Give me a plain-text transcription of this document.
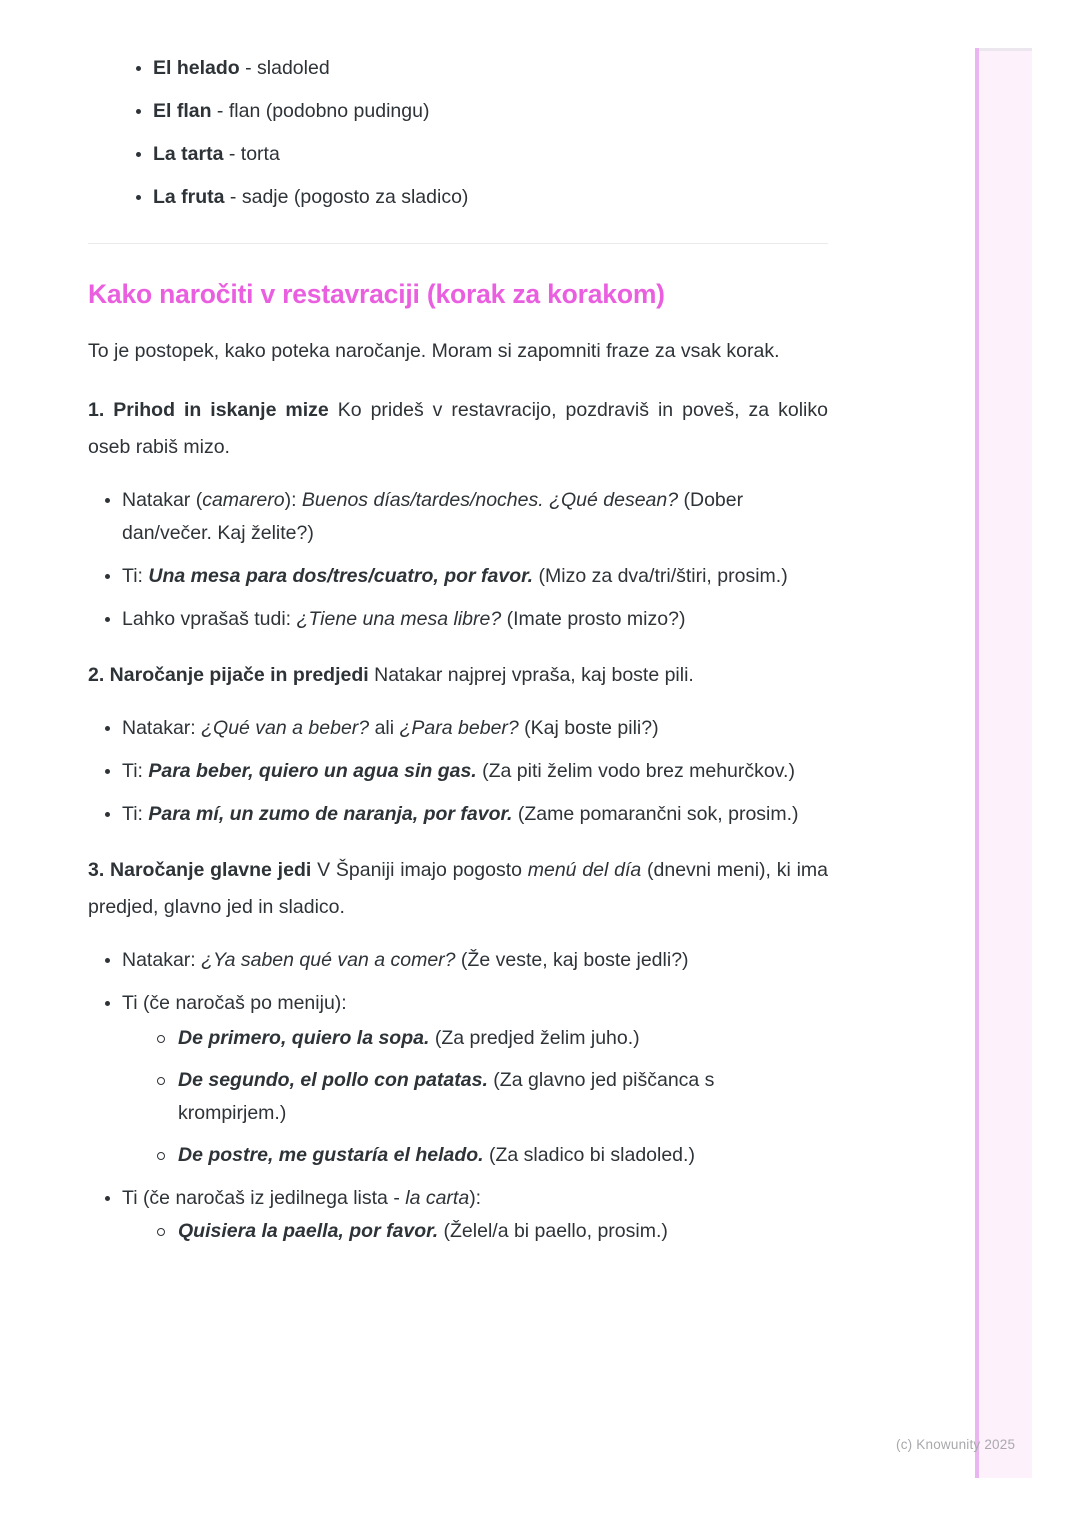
El helado - sladoled
El flan - flan (podobno pudingu)
La tarta - torta
La fruta - sadje (pogosto za sladico)
Kako naročiti v restavraciji (korak za korakom)

To je postopek, kako poteka naročanje. Moram si zapomniti fraze za vsak korak.

1. Prihod in iskanje mize Ko prideš v restavracijo, pozdraviš in poveš, za koliko oseb rabiš mizo.

Natakar (camarero): Buenos días/tardes/noches. ¿Qué desean? (Dober dan/večer. Kaj želite?)
Ti: Una mesa para dos/tres/cuatro, por favor. (Mizo za dva/tri/štiri, prosim.)
Lahko vprašaš tudi: ¿Tiene una mesa libre? (Imate prosto mizo?)

2. Naročanje pijače in predjedi Natakar najprej vpraša, kaj boste pili.

Natakar: ¿Qué van a beber? ali ¿Para beber? (Kaj boste pili?)
Ti: Para beber, quiero un agua sin gas. (Za piti želim vodo brez mehurčkov.)
Ti: Para mí, un zumo de naranja, por favor. (Zame pomarančni sok, prosim.)

3. Naročanje glavne jedi V Španiji imajo pogosto menú del día (dnevni meni), ki ima predjed, glavno jed in sladico.

Natakar: ¿Ya saben qué van a comer? (Že veste, kaj boste jedli?)
Ti (če naročaš po meniju):
De primero, quiero la sopa. (Za predjed želim juho.)
De segundo, el pollo con patatas. (Za glavno jed piščanca s krompirjem.)
De postre, me gustaría el helado. (Za sladico bi sladoled.)
Ti (če naročaš iz jedilnega lista - la carta):
Quisiera la paella, por favor. (Želel/a bi paello, prosim.)
(c) Knowunity 2025
